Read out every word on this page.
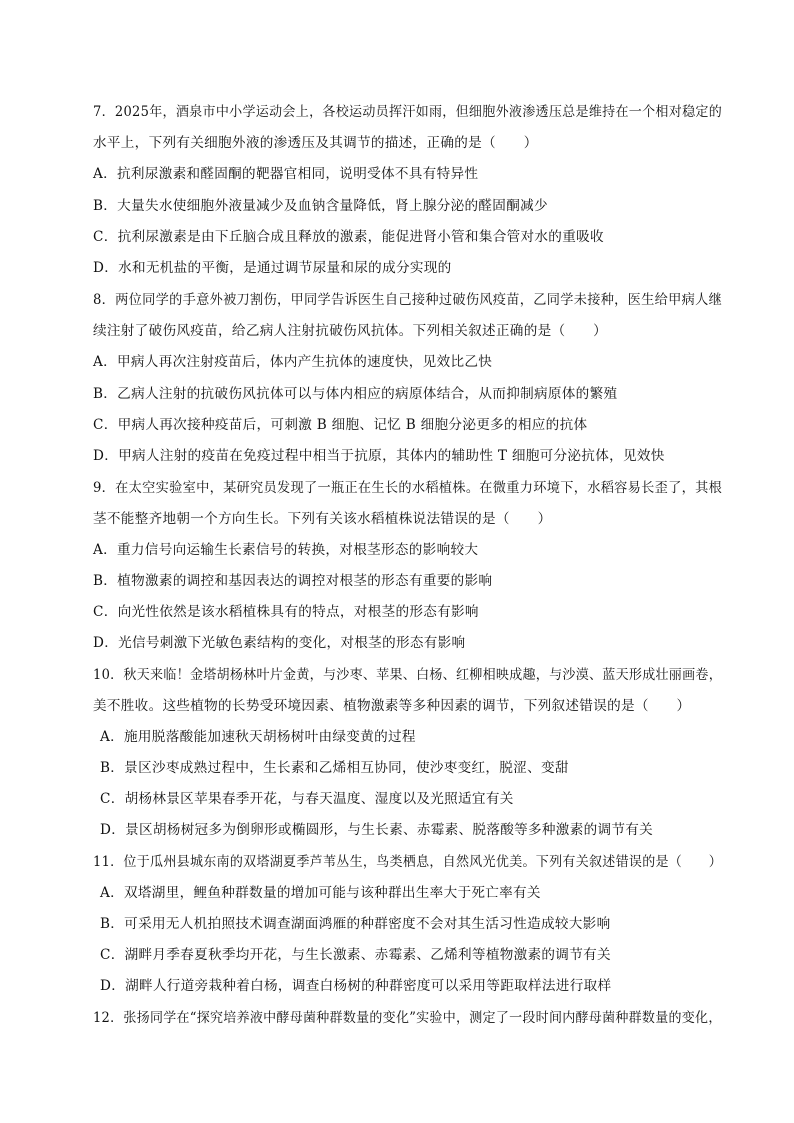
7．2025年，酒泉市中小学运动会上，各校运动员挥汗如雨，但细胞外液渗透压总是维持在一个相对稳定的
水平上，下列有关细胞外液的渗透压及其调节的描述，正确的是（　　）
A．抗利尿激素和醛固酮的靶器官相同，说明受体不具有特异性
B．大量失水使细胞外液量减少及血钠含量降低，肾上腺分泌的醛固酮减少
C．抗利尿激素是由下丘脑合成且释放的激素，能促进肾小管和集合管对水的重吸收
D．水和无机盐的平衡，是通过调节尿量和尿的成分实现的
8．两位同学的手意外被刀割伤，甲同学告诉医生自己接种过破伤风疫苗，乙同学未接种，医生给甲病人继
续注射了破伤风疫苗，给乙病人注射抗破伤风抗体。下列相关叙述正确的是（　　）
A．甲病人再次注射疫苗后，体内产生抗体的速度快，见效比乙快
B．乙病人注射的抗破伤风抗体可以与体内相应的病原体结合，从而抑制病原体的繁殖
C．甲病人再次接种疫苗后，可刺激 B 细胞、记忆 B 细胞分泌更多的相应的抗体
D．甲病人注射的疫苗在免疫过程中相当于抗原，其体内的辅助性 T 细胞可分泌抗体，见效快
9．在太空实验室中，某研究员发现了一瓶正在生长的水稻植株。在微重力环境下，水稻容易长歪了，其根
茎不能整齐地朝一个方向生长。下列有关该水稻植株说法错误的是（　　）
A．重力信号向运输生长素信号的转换，对根茎形态的影响较大
B．植物激素的调控和基因表达的调控对根茎的形态有重要的影响
C．向光性依然是该水稻植株具有的特点，对根茎的形态有影响
D．光信号刺激下光敏色素结构的变化，对根茎的形态有影响
10．秋天来临！金塔胡杨林叶片金黄，与沙枣、苹果、白杨、红柳相映成趣，与沙漠、蓝天形成壮丽画卷，
美不胜收。这些植物的长势受环境因素、植物激素等多种因素的调节，下列叙述错误的是（　　）
A．施用脱落酸能加速秋天胡杨树叶由绿变黄的过程
B．景区沙枣成熟过程中，生长素和乙烯相互协同，使沙枣变红，脱涩、变甜
C．胡杨林景区苹果春季开花，与春天温度、湿度以及光照适宜有关
D．景区胡杨树冠多为倒卵形或椭圆形，与生长素、赤霉素、脱落酸等多种激素的调节有关
11．位于瓜州县城东南的双塔湖夏季芦苇丛生，鸟类栖息，自然风光优美。下列有关叙述错误的是（　　）
A．双塔湖里，鲤鱼种群数量的增加可能与该种群出生率大于死亡率有关
B．可采用无人机拍照技术调查湖面鸿雁的种群密度不会对其生活习性造成较大影响
C．湖畔月季春夏秋季均开花，与生长激素、赤霉素、乙烯利等植物激素的调节有关
D．湖畔人行道旁栽种着白杨，调查白杨树的种群密度可以采用等距取样法进行取样
12．张扬同学在“探究培养液中酵母菌种群数量的变化”实验中，测定了一段时间内酵母菌种群数量的变化，
